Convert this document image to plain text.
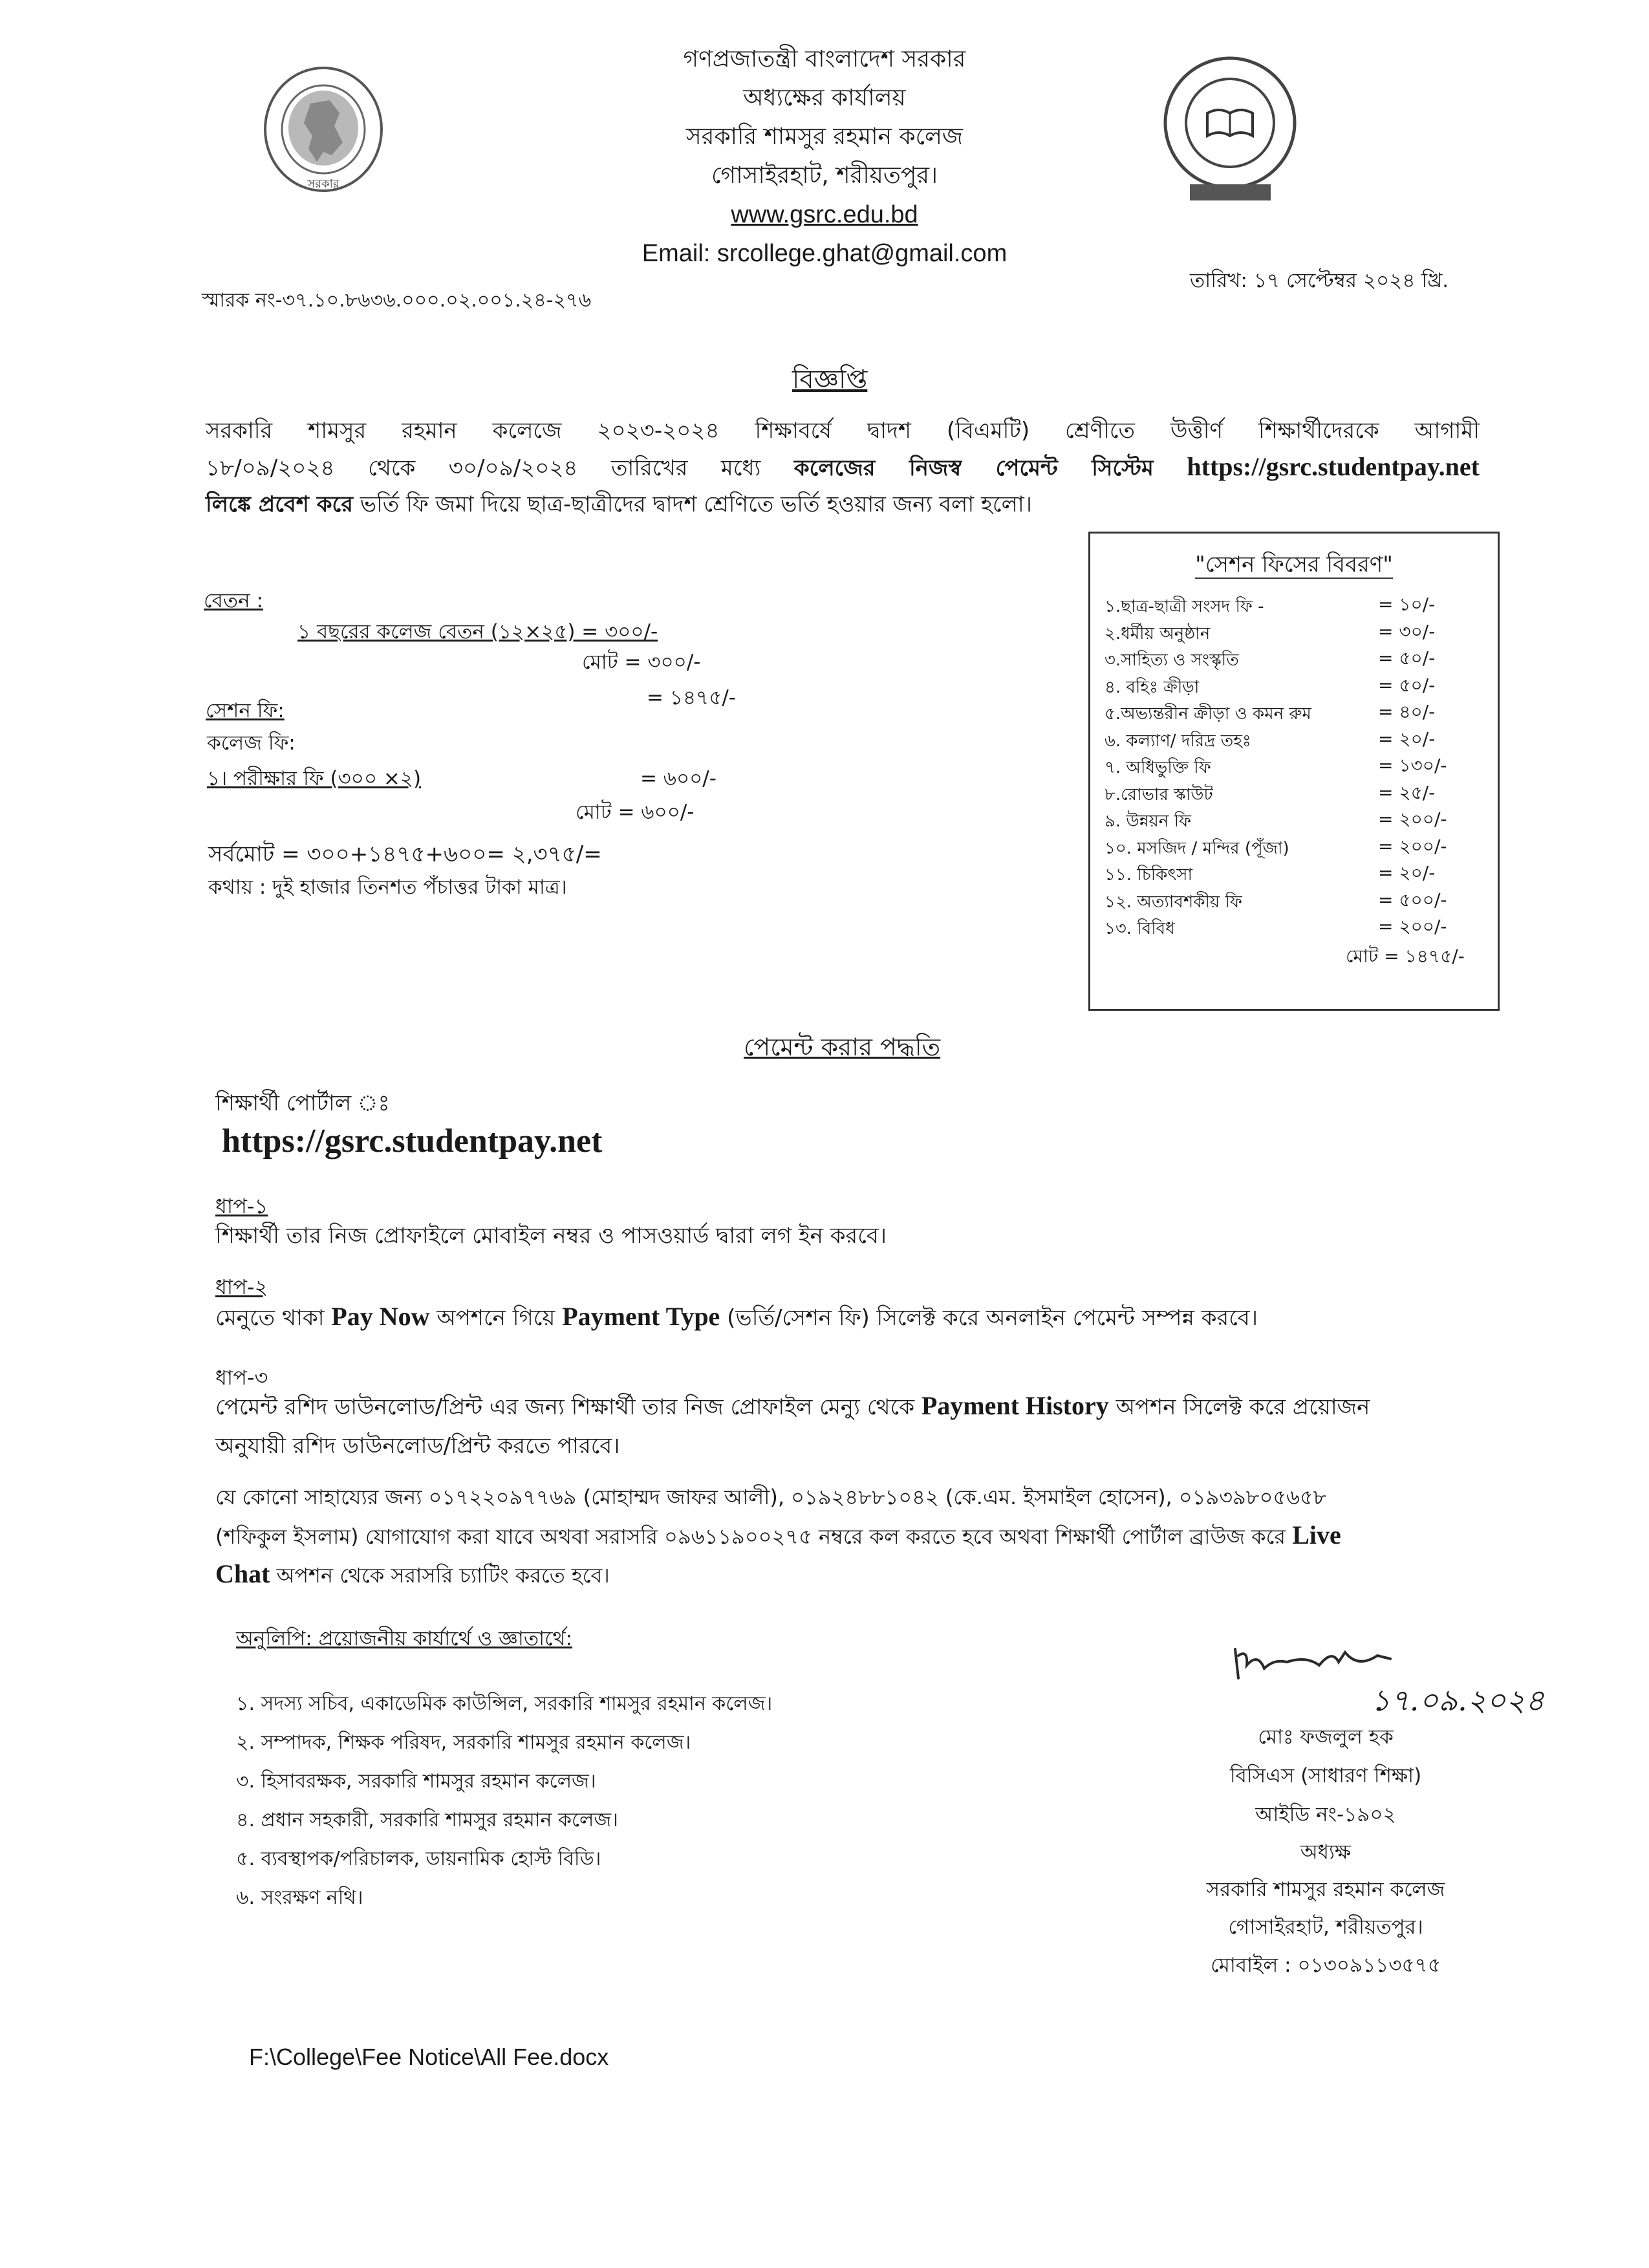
সরকার
গণপ্রজাতন্ত্রী বাংলাদেশ সরকার
অধ্যক্ষের কার্যালয়
সরকারি শামসুর রহমান কলেজ
গোসাইরহাট, শরীয়তপুর।
www.gsrc.edu.bd
Email: srcollege.ghat@gmail.com
স্মারক নং-৩৭.১০.৮৬৩৬.০০০.০২.০০১.২৪-২৭৬
তারিখ: ১৭ সেপ্টেম্বর ২০২৪ খ্রি.
বিজ্ঞপ্তি
সরকারি শামসুর রহমান কলেজে ২০২৩-২০২৪ শিক্ষাবর্ষে দ্বাদশ (বিএমটি) শ্রেণীতে উত্তীর্ণ শিক্ষার্থীদেরকে আগামী
১৮/০৯/২০২৪ থেকে ৩০/০৯/২০২৪ তারিখের মধ্যে কলেজের নিজস্ব পেমেন্ট সিস্টেম https://gsrc.studentpay.net
লিঙ্কে প্রবেশ করে ভর্তি ফি জমা দিয়ে ছাত্র-ছাত্রীদের দ্বাদশ শ্রেণিতে ভর্তি হওয়ার জন্য বলা হলো।
বেতন :
১ বছরের কলেজ বেতন (১২×২৫) = ৩০০/-
মোট = ৩০০/-
সেশন ফি:
= ১৪৭৫/-
কলেজ ফি:
১। পরীক্ষার ফি (৩০০ ×২)	= ৬০০/-
মোট = ৬০০/-
সর্বমোট = ৩০০+১৪৭৫+৬০০= ২,৩৭৫/=
কথায় : দুই হাজার তিনশত পঁচাত্তর টাকা মাত্র।
"সেশন ফিসের বিবরণ"
১.ছাত্র-ছাত্রী সংসদ ফি -	= ১০/-
২.ধর্মীয় অনুষ্ঠান	= ৩০/-
৩.সাহিত্য ও সংস্কৃতি	= ৫০/-
৪. বহিঃ ক্রীড়া	= ৫০/-
৫.অভ্যন্তরীন ক্রীড়া ও কমন রুম	= ৪০/-
৬. কল্যাণ/ দরিদ্র তহঃ	= ২০/-
৭. অধিভুক্তি ফি	= ১৩০/-
৮.রোভার স্কাউট	= ২৫/-
৯. উন্নয়ন ফি	= ২০০/-
১০. মসজিদ / মন্দির (পূঁজা)	= ২০০/-
১১. চিকিৎসা	= ২০/-
১২. অত্যাবশকীয় ফি	= ৫০০/-
১৩. বিবিধ	= ২০০/-
মোট = ১৪৭৫/-
পেমেন্ট করার পদ্ধতি
শিক্ষার্থী পোর্টাল ঃ
https://gsrc.studentpay.net
ধাপ-১
শিক্ষার্থী তার নিজ প্রোফাইলে মোবাইল নম্বর ও পাসওয়ার্ড দ্বারা লগ ইন করবে।
ধাপ-২
মেনুতে থাকা Pay Now অপশনে গিয়ে Payment Type (ভর্তি/সেশন ফি) সিলেক্ট করে অনলাইন পেমেন্ট সম্পন্ন করবে।
ধাপ-৩
পেমেন্ট রশিদ ডাউনলোড/প্রিন্ট এর জন্য শিক্ষার্থী তার নিজ প্রোফাইল মেন্যু থেকে Payment History অপশন সিলেক্ট করে প্রয়োজন
অনুযায়ী রশিদ ডাউনলোড/প্রিন্ট করতে পারবে।
যে কোনো সাহায্যের জন্য ০১৭২২০৯৭৭৬৯ (মোহাম্মদ জাফর আলী), ০১৯২৪৮৮১০৪২ (কে.এম. ইসমাইল হোসেন), ০১৯৩৯৮০৫৬৫৮
(শফিকুল ইসলাম) যোগাযোগ করা যাবে অথবা সরাসরি ০৯৬১১৯০০২৭৫ নম্বরে কল করতে হবে অথবা শিক্ষার্থী পোর্টাল ব্রাউজ করে Live
Chat অপশন থেকে সরাসরি চ্যাটিং করতে হবে।
অনুলিপি: প্রয়োজনীয় কার্যার্থে ও জ্ঞাতার্থে:
১. সদস্য সচিব, একাডেমিক কাউন্সিল, সরকারি শামসুর রহমান কলেজ।
২. সম্পাদক, শিক্ষক পরিষদ, সরকারি শামসুর রহমান কলেজ।
৩. হিসাবরক্ষক, সরকারি শামসুর রহমান কলেজ।
৪. প্রধান সহকারী, সরকারি শামসুর রহমান কলেজ।
৫. ব্যবস্থাপক/পরিচালক, ডায়নামিক হোস্ট বিডি।
৬. সংরক্ষণ নথি।
১৭.০৯.২০২৪
মোঃ ফজলুল হক
বিসিএস (সাধারণ শিক্ষা)
আইডি নং-১৯০২
অধ্যক্ষ
সরকারি শামসুর রহমান কলেজ
গোসাইরহাট, শরীয়তপুর।
মোবাইল : ০১৩০৯১১৩৫৭৫
F:\College\Fee Notice\All Fee.docx
